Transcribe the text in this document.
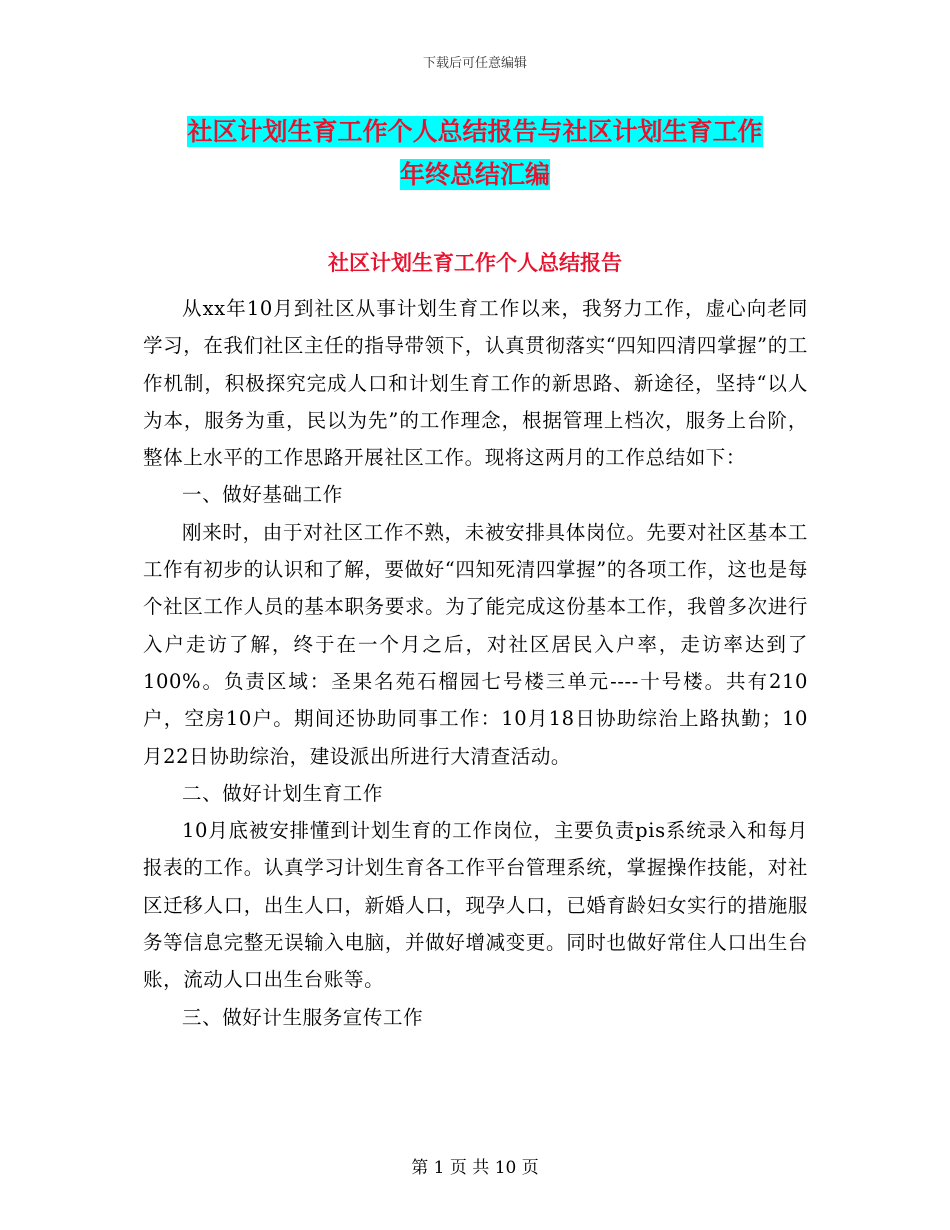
下载后可任意编辑
社区计划生育工作个人总结报告与社区计划生育工作
年终总结汇编
社区计划生育工作个人总结报告

从xx年10月到社区从事计划生育工作以来，我努力工作，虚心向老同学习，在我们社区主任的指导带领下，认真贯彻落实“四知四清四掌握”的工作机制，积极探究完成人口和计划生育工作的新思路、新途径，坚持“以人为本，服务为重，民以为先”的工作理念，根据管理上档次，服务上台阶，整体上水平的工作思路开展社区工作。现将这两月的工作总结如下：

一、做好基础工作

刚来时，由于对社区工作不熟，未被安排具体岗位。先要对社区基本工工作有初步的认识和了解，要做好“四知死清四掌握”的各项工作，这也是每个社区工作人员的基本职务要求。为了能完成这份基本工作，我曾多次进行入户走访了解，终于在一个月之后，对社区居民入户率，走访率达到了100%。负责区域：圣果名苑石榴园七号楼三单元----十号楼。共有210户，空房10户。期间还协助同事工作：10月18日协助综治上路执勤；10月22日协助综治，建设派出所进行大清查活动。

二、做好计划生育工作

10月底被安排懂到计划生育的工作岗位，主要负责pis系统录入和每月报表的工作。认真学习计划生育各工作平台管理系统，掌握操作技能，对社区迁移人口，出生人口，新婚人口，现孕人口，已婚育龄妇女实行的措施服务等信息完整无误输入电脑，并做好增减变更。同时也做好常住人口出生台账，流动人口出生台账等。

三、做好计生服务宣传工作

第 1 页 共 10 页
